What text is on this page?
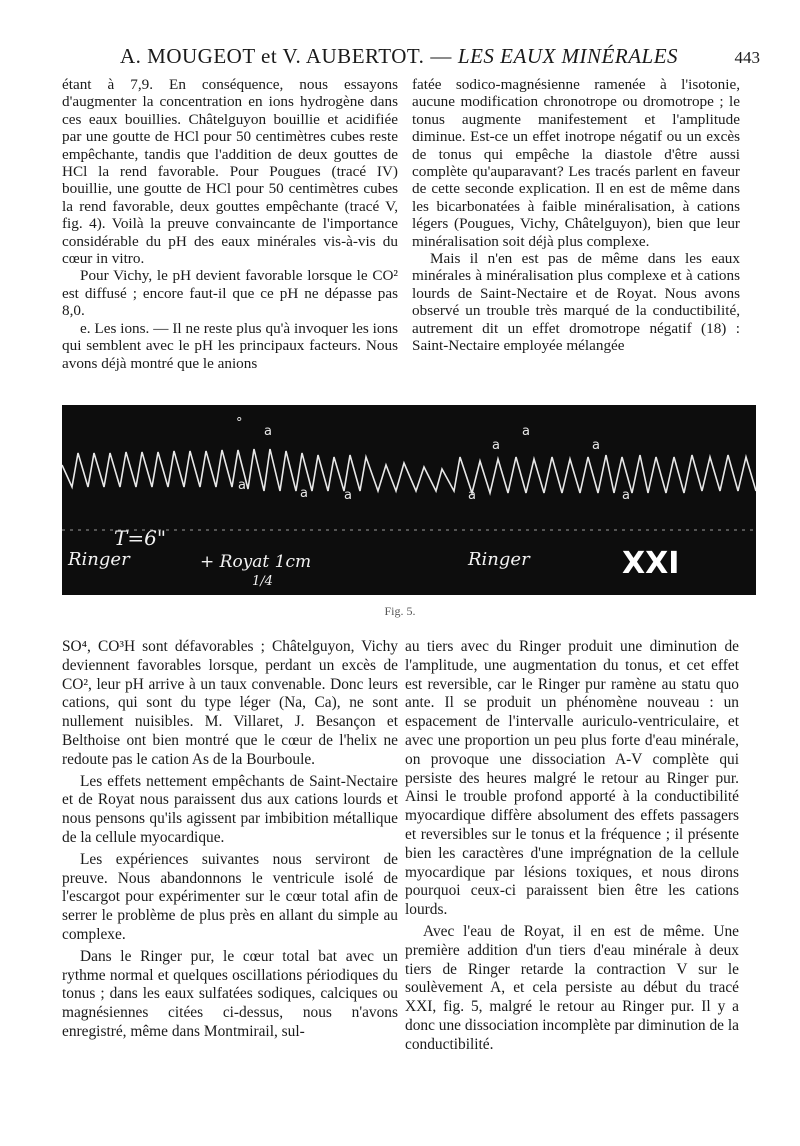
A. MOUGEOT et V. AUBERTOT. — LES EAUX MINÉRALES	443

étant à 7,9. En conséquence, nous essayons d'augmenter la concentration en ions hydrogène dans ces eaux bouillies. Châtelguyon bouillie et acidifiée par une goutte de HCl pour 50 centimètres cubes reste empêchante, tandis que l'addition de deux gouttes de HCl la rend favorable. Pour Pougues (tracé IV) bouillie, une goutte de HCl pour 50 centimètres cubes la rend favorable, deux gouttes empêchante (tracé V, fig. 4). Voilà la preuve convaincante de l'importance considérable du pH des eaux minérales vis-à-vis du cœur in vitro.

Pour Vichy, le pH devient favorable lorsque le CO² est diffusé ; encore faut-il que ce pH ne dépasse pas 8,0.

e. Les ions. — Il ne reste plus qu'à invoquer les ions qui semblent avec le pH les principaux facteurs. Nous avons déjà montré que le anions

fatée sodico-magnésienne ramenée à l'isotonie, aucune modification chronotrope ou dromotrope ; le tonus augmente manifestement et l'amplitude diminue. Est-ce un effet inotrope négatif ou un excès de tonus qui empêche la diastole d'être aussi complète qu'auparavant? Les tracés parlent en faveur de cette seconde explication. Il en est de même dans les bicarbonatées à faible minéralisation, à cations légers (Pougues, Vichy, Châtelguyon), bien que leur minéralisation soit déjà plus complexe.

Mais il n'en est pas de même dans les eaux minérales à minéralisation plus complexe et à cations lourds de Saint-Nectaire et de Royat. Nous avons observé un trouble très marqué de la conductibilité, autrement dit un effet dromotrope négatif (18) : Saint-Nectaire employée mélangée

°
a
a
a	a	a
a
a
a
a
T=6"
Ringer	+ Royat 1cm
1/4
Ringer	XXI
Fig. 5.

SO⁴, CO³H sont défavorables ; Châtelguyon, Vichy deviennent favorables lorsque, perdant un excès de CO², leur pH arrive à un taux convenable. Donc leurs cations, qui sont du type léger (Na, Ca), ne sont nullement nuisibles. M. Villaret, J. Besançon et Belthoise ont bien montré que le cœur de l'helix ne redoute pas le cation As de la Bourboule.

Les effets nettement empêchants de Saint-Nectaire et de Royat nous paraissent dus aux cations lourds et nous pensons qu'ils agissent par imbibition métallique de la cellule myocardique.

Les expériences suivantes nous serviront de preuve. Nous abandonnons le ventricule isolé de l'escargot pour expérimenter sur le cœur total afin de serrer le problème de plus près en allant du simple au complexe.

Dans le Ringer pur, le cœur total bat avec un rythme normal et quelques oscillations périodiques du tonus ; dans les eaux sulfatées sodiques, calciques ou magnésiennes citées ci-dessus, nous n'avons enregistré, même dans Montmirail, sul-

au tiers avec du Ringer produit une diminution de l'amplitude, une augmentation du tonus, et cet effet est reversible, car le Ringer pur ramène au statu quo ante. Il se produit un phénomène nouveau : un espacement de l'intervalle auriculo-ventriculaire, et avec une proportion un peu plus forte d'eau minérale, on provoque une dissociation A-V complète qui persiste des heures malgré le retour au Ringer pur. Ainsi le trouble profond apporté à la conductibilité myocardique diffère absolument des effets passagers et reversibles sur le tonus et la fréquence ; il présente bien les caractères d'une imprégnation de la cellule myocardique par lésions toxiques, et nous dirons pourquoi ceux-ci paraissent bien être les cations lourds.

Avec l'eau de Royat, il en est de même. Une première addition d'un tiers d'eau minérale à deux tiers de Ringer retarde la contraction V sur le soulèvement A, et cela persiste au début du tracé XXI, fig. 5, malgré le retour au Ringer pur. Il y a donc une dissociation incomplète par diminution de la conductibilité.
